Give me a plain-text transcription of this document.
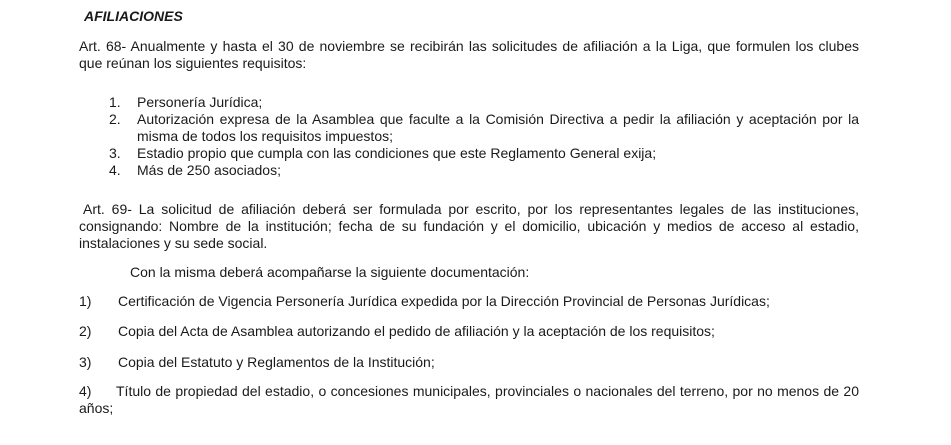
AFILIACIONES
Art. 68- Anualmente y hasta el 30 de noviembre se recibirán las solicitudes de afiliación a la Liga, que formulen los clubes que reúnan los siguientes requisitos:
1. Personería Jurídica;
2. Autorización expresa de la Asamblea que faculte a la Comisión Directiva a pedir la afiliación y aceptación por la misma de todos los requisitos impuestos;
3. Estadio propio que cumpla con las condiciones que este Reglamento General exija;
4. Más de 250 asociados;
Art. 69- La solicitud de afiliación deberá ser formulada por escrito, por los representantes legales de las instituciones, consignando: Nombre de la institución; fecha de su fundación y el domicilio, ubicación y medios de acceso al estadio, instalaciones y su sede social.
Con la misma deberá acompañarse la siguiente documentación:
1) Certificación de Vigencia Personería Jurídica expedida por la Dirección Provincial de Personas Jurídicas;
2) Copia del Acta de Asamblea autorizando el pedido de afiliación y la aceptación de los requisitos;
3) Copia del Estatuto y Reglamentos de la Institución;
4) Título de propiedad del estadio, o concesiones municipales, provinciales o nacionales del terreno, por no menos de 20 años;
